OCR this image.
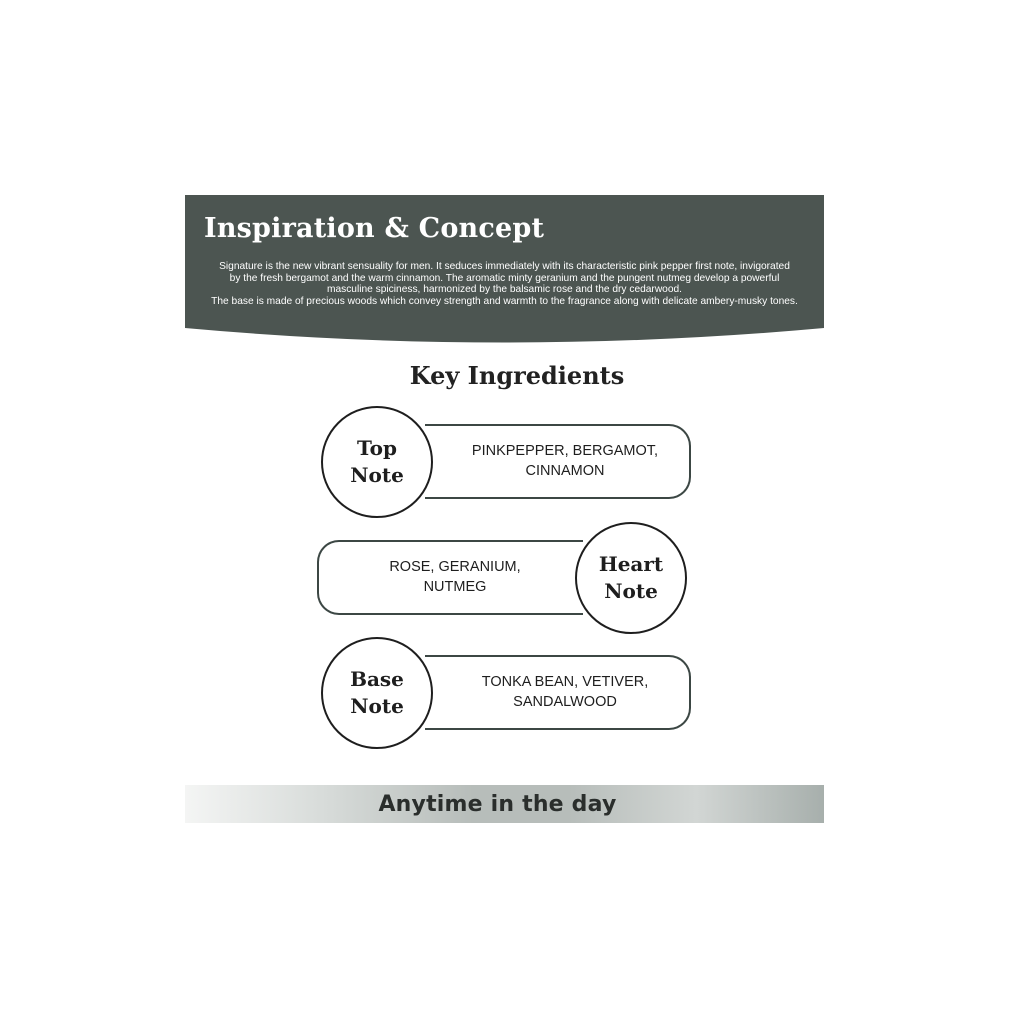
Inspiration & Concept

Signature is the new vibrant sensuality for men. It seduces immediately with its characteristic pink pepper first note, invigorated
by the fresh bergamot and the warm cinnamon. The aromatic minty geranium and the pungent nutmeg develop a powerful
masculine spiciness, harmonized by the balsamic rose and the dry cedarwood.
The base is made of precious woods which convey strength and warmth to the fragrance along with delicate ambery-musky tones.

Key Ingredients
PINKPEPPER, BERGAMOT,
CINNAMON
Top
Note
ROSE, GERANIUM,
NUTMEG
Heart
Note
TONKA BEAN, VETIVER,
SANDALWOOD
Base
Note
Anytime in the day
